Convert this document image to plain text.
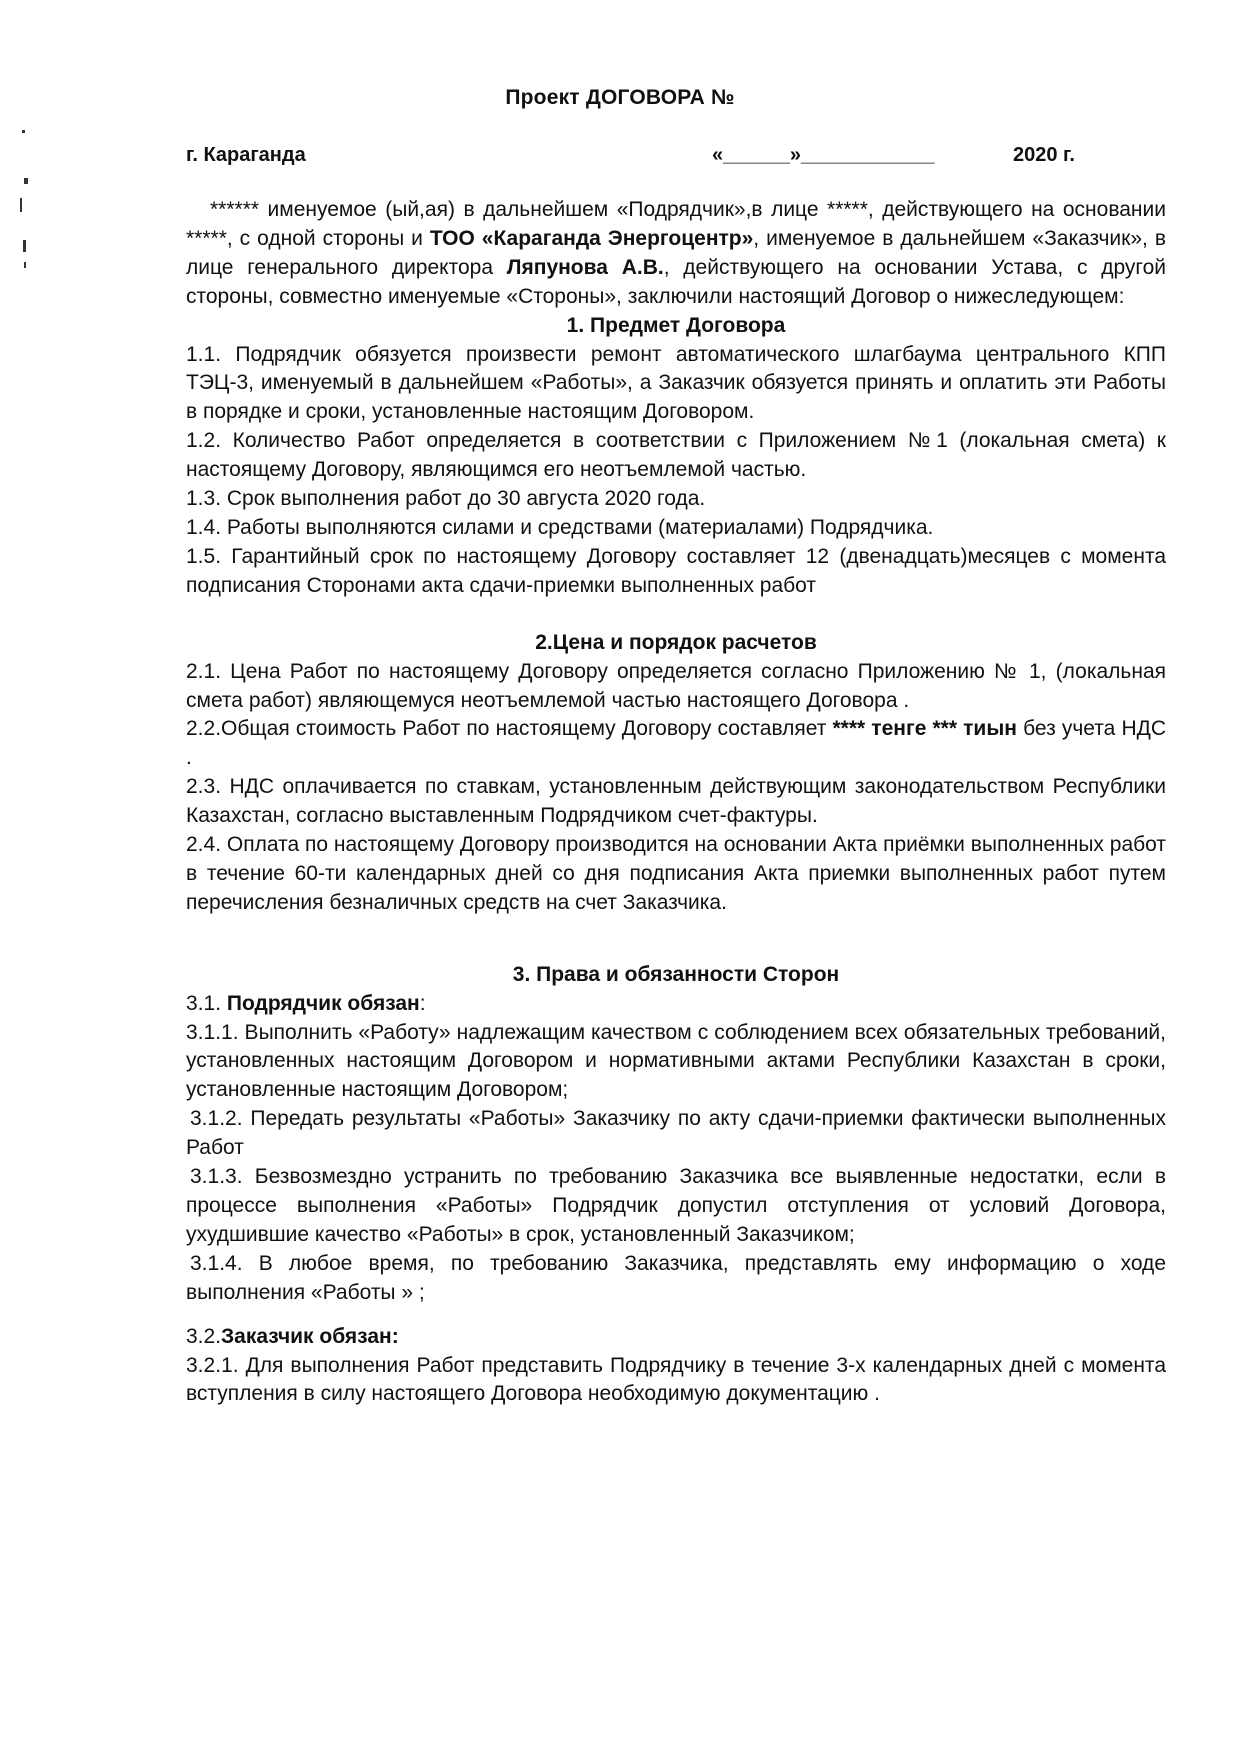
Проект ДОГОВОРА №
г. Караганда	«______»____________	2020 г.

****** именуемое (ый,ая) в дальнейшем «Подрядчик»,в лице *****, действующего на основании *****, с одной стороны и ТОО «Караганда Энергоцентр», именуемое в дальнейшем «Заказчик», в лице генерального директора Ляпунова А.В., действующего на основании Устава, с другой стороны, совместно именуемые «Стороны», заключили настоящий Договор о нижеследующем:

1. Предмет Договора

1.1. Подрядчик обязуется произвести ремонт автоматического шлагбаума центрального КПП ТЭЦ-3, именуемый в дальнейшем «Работы», а Заказчик обязуется принять и оплатить эти Работы в порядке и сроки, установленные настоящим Договором.

1.2. Количество Работ определяется в соответствии с Приложением №1 (локальная смета) к настоящему Договору, являющимся его неотъемлемой частью.

1.3. Срок выполнения работ до 30 августа 2020 года.

1.4. Работы выполняются силами и средствами (материалами) Подрядчика.

1.5. Гарантийный срок по настоящему Договору составляет 12 (двенадцать)месяцев с момента подписания Сторонами акта сдачи-приемки выполненных работ

2.Цена и порядок расчетов

2.1. Цена Работ по настоящему Договору определяется согласно Приложению № 1, (локальная смета работ) являющемуся неотъемлемой частью настоящего Договора .

2.2.Общая стоимость Работ по настоящему Договору составляет **** тенге *** тиын без учета НДС .

2.3. НДС оплачивается по ставкам, установленным действующим законодательством Республики Казахстан, согласно выставленным Подрядчиком счет-фактуры.

2.4. Оплата по настоящему Договору производится на основании Акта приёмки выполненных работ в течение 60-ти календарных дней со дня подписания Акта приемки выполненных работ путем перечисления безналичных средств на счет Заказчика.

3. Права и обязанности Сторон

3.1. Подрядчик обязан:

3.1.1. Выполнить «Работу» надлежащим качеством с соблюдением всех обязательных требований, установленных настоящим Договором и нормативными актами Республики Казахстан в сроки, установленные настоящим Договором;

3.1.2. Передать результаты «Работы» Заказчику по акту сдачи-приемки фактически выполненных Работ

3.1.3. Безвозмездно устранить по требованию Заказчика все выявленные недостатки, если в процессе выполнения «Работы» Подрядчик допустил отступления от условий Договора, ухудшившие качество «Работы» в срок, установленный Заказчиком;

3.1.4. В любое время, по требованию Заказчика, представлять ему информацию о ходе выполнения «Работы » ;

3.2.Заказчик обязан:

3.2.1. Для выполнения Работ представить Подрядчику в течение 3-х календарных дней с момента вступления в силу настоящего Договора необходимую документацию .
